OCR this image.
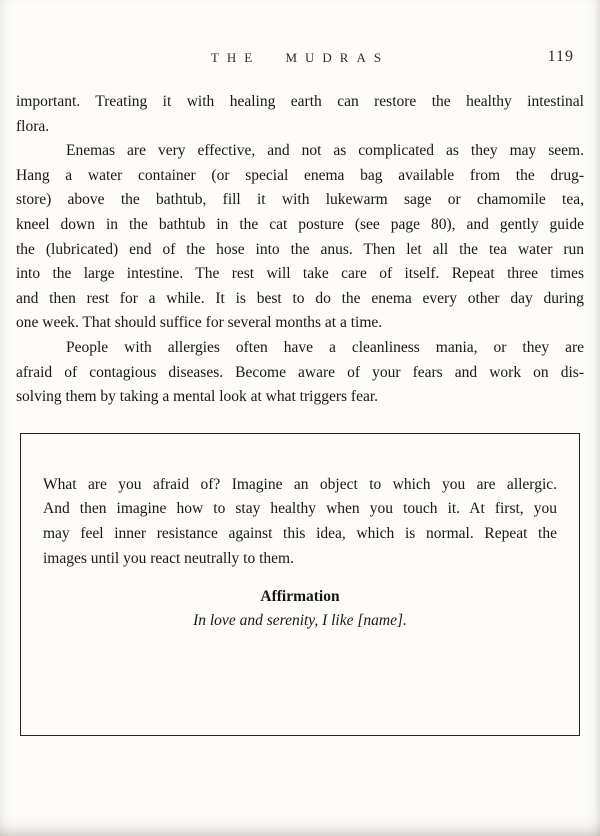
THE MUDRAS	119
important. Treating it with healing earth can restore the healthy intestinal
flora.
Enemas are very effective, and not as complicated as they may seem.
Hang a water container (or special enema bag available from the drug-
store) above the bathtub, fill it with lukewarm sage or chamomile tea,
kneel down in the bathtub in the cat posture (see page 80), and gently guide
the (lubricated) end of the hose into the anus. Then let all the tea water run
into the large intestine. The rest will take care of itself. Repeat three times
and then rest for a while. It is best to do the enema every other day during
one week. That should suffice for several months at a time.
People with allergies often have a cleanliness mania, or they are
afraid of contagious diseases. Become aware of your fears and work on dis-
solving them by taking a mental look at what triggers fear.
What are you afraid of? Imagine an object to which you are allergic.
And then imagine how to stay healthy when you touch it. At first, you
may feel inner resistance against this idea, which is normal. Repeat the
images until you react neutrally to them.
Affirmation
In love and serenity, I like [name].
